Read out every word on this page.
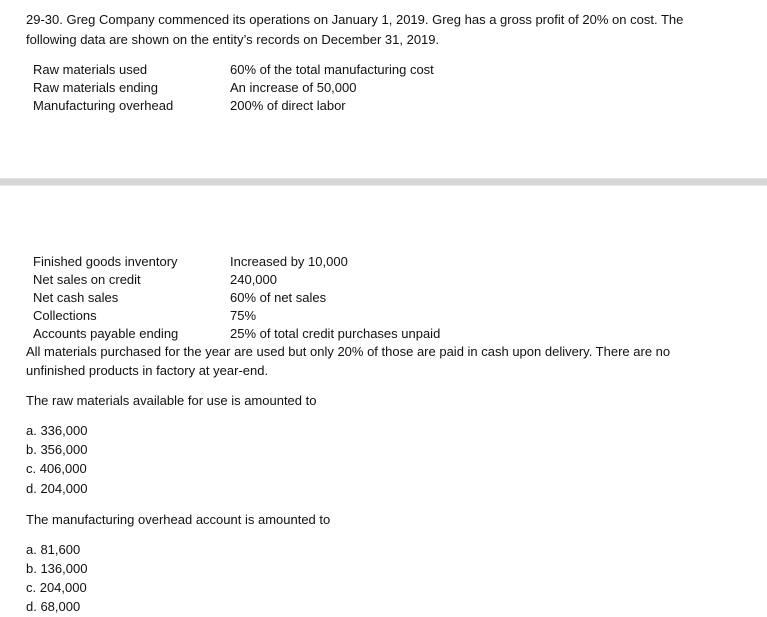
29-30. Greg Company commenced its operations on January 1, 2019. Greg has a gross profit of 20% on cost. The
following data are shown on the entity’s records on December 31, 2019.
Raw materials used	60% of the total manufacturing cost
Raw materials ending	An increase of 50,000
Manufacturing overhead	200% of direct labor
Finished goods inventory	Increased by 10,000
Net sales on credit	240,000
Net cash sales	60% of net sales
Collections	75%
Accounts payable ending	25% of total credit purchases unpaid
All materials purchased for the year are used but only 20% of those are paid in cash upon delivery. There are no
unfinished products in factory at year-end.
The raw materials available for use is amounted to
a. 336,000
b. 356,000
c. 406,000
d. 204,000
The manufacturing overhead account is amounted to
a. 81,600
b. 136,000
c. 204,000
d. 68,000
